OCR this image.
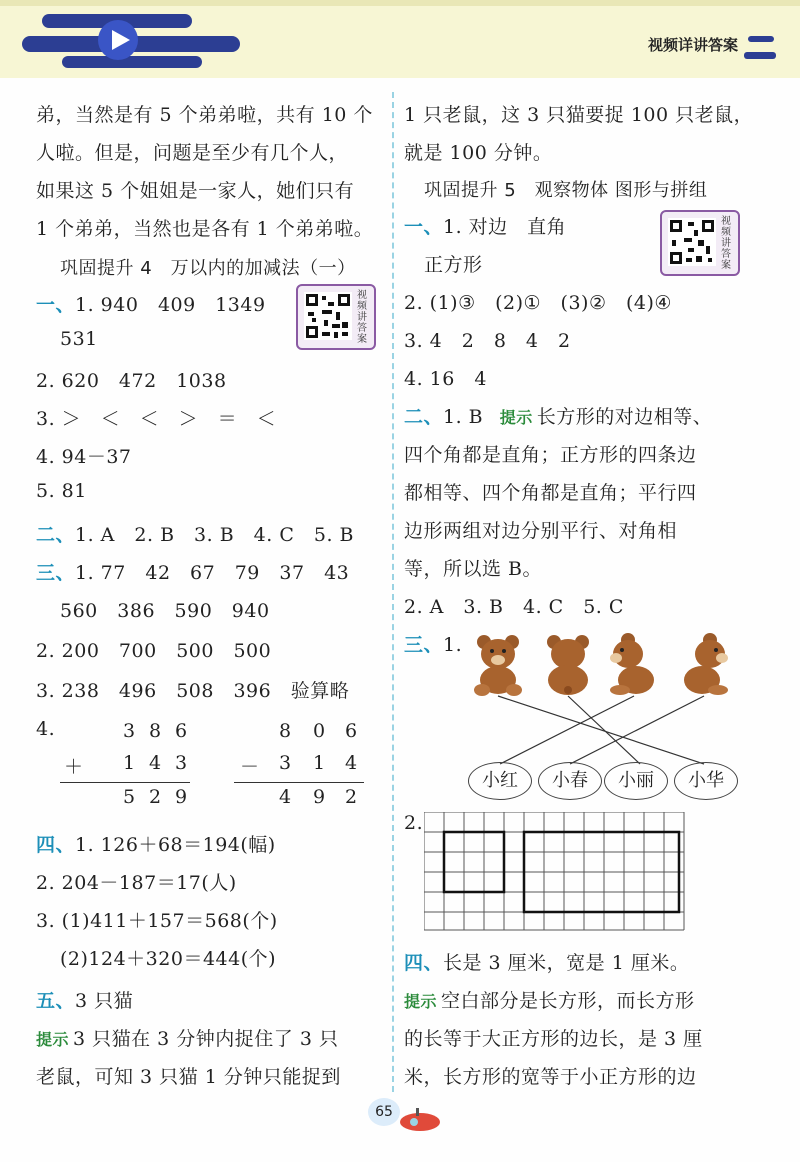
视频详讲答案
弟，当然是有 5 个弟弟啦，共有 10 个
人啦。但是，问题是至少有几个人，
如果这 5 个姐姐是一家人，她们只有
1 个弟弟，当然也是各有 1 个弟弟啦。
巩固提升 4　万以内的加减法（一）
一、1. 940　409　1349	视频讲答案
531
2. 620　472　1038
3. ＞　＜　＜　＞　＝　＜
4. 94－37
5. 81
二、1. A　2. B　3. B　4. C　5. B
三、1. 77　42　67　79　37　43
560　386　590　940
2. 200　700　500　500
3. 238　496　508　396　验算略
4.	3 8 6
＋ 1 4 3
5 2 9
8 0 6
－ 3 1 4
4 9 2
四、1. 126＋68＝194(幅)
2. 204－187＝17(人)
3. (1)411＋157＝568(个)
(2)124＋320＝444(个)
五、3 只猫
提示 3 只猫在 3 分钟内捉住了 3 只
老鼠，可知 3 只猫 1 分钟只能捉到
1 只老鼠，这 3 只猫要捉 100 只老鼠，
就是 100 分钟。
巩固提升 5　观察物体 图形与拼组
一、1. 对边　直角	视频讲答案
正方形
2. (1)③　(2)①　(3)②　(4)④
3. 4　2　8　4　2
4. 16　4
二、1. B 提示 长方形的对边相等、
四个角都是直角；正方形的四条边
都相等、四个角都是直角；平行四
边形两组对边分别平行、对角相
等，所以选 B。
2. A　3. B　4. C　5. C
三、1.
小红	小春	小丽	小华
2.
四、长是 3 厘米，宽是 1 厘米。
提示 空白部分是长方形，而长方形
的长等于大正方形的边长，是 3 厘
米，长方形的宽等于小正方形的边
65
